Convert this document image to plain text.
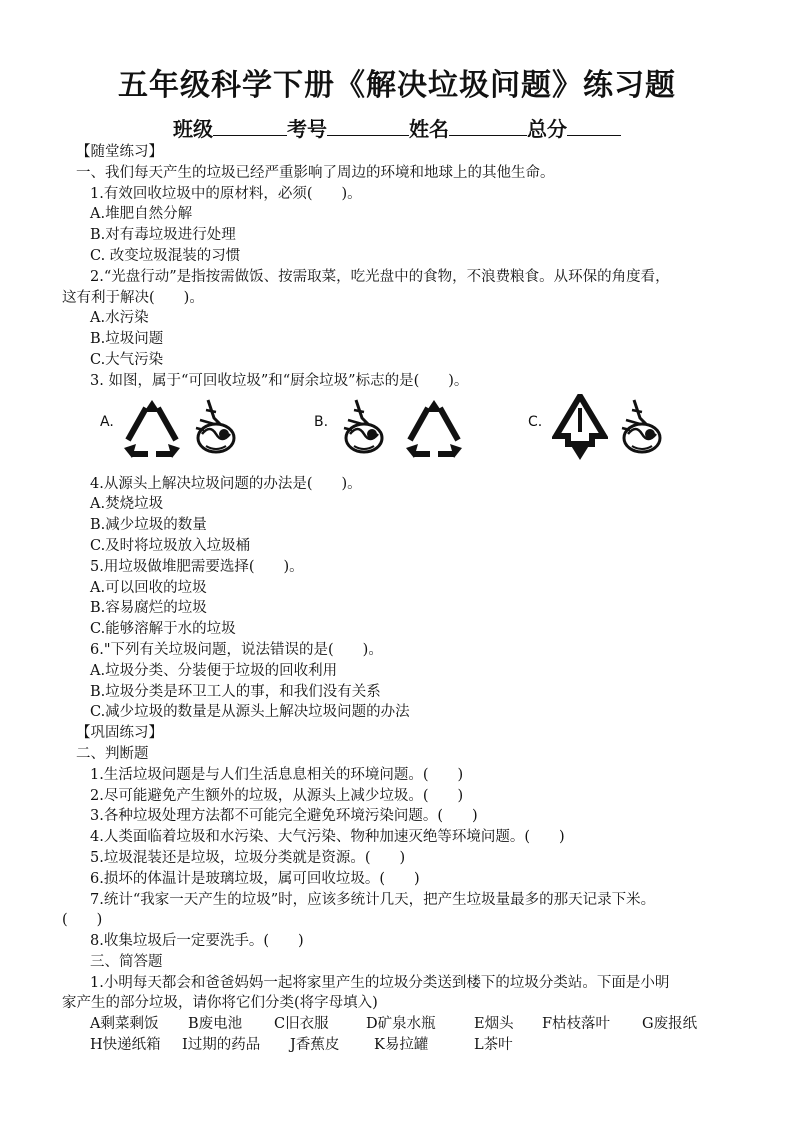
五年级科学下册《解决垃圾问题》练习题
班级	考号	姓名	总分
【随堂练习】
一、我们每天产生的垃圾已经严重影响了周边的环境和地球上的其他生命。
1.有效回收垃圾中的原材料，必须(　　)。
A.堆肥自然分解
B.对有毒垃圾进行处理
C. 改变垃圾混装的习惯
2.“光盘行动”是指按需做饭、按需取菜，吃光盘中的食物，不浪费粮食。从环保的角度看，
这有利于解决(　　)。
A.水污染
B.垃圾问题
C.大气污染
3. 如图，属于“可回收垃圾”和“厨余垃圾”标志的是(　　)。
A.	B.	C.
4.从源头上解决垃圾问题的办法是(　　)。
A.焚烧垃圾
B.减少垃圾的数量
C.及时将垃圾放入垃圾桶
5.用垃圾做堆肥需要选择(　　)。
A.可以回收的垃圾
B.容易腐烂的垃圾
C.能够溶解于水的垃圾
6."下列有关垃圾问题，说法错误的是(　　)。
A.垃圾分类、分装便于垃圾的回收利用
B.垃圾分类是环卫工人的事，和我们没有关系
C.减少垃圾的数量是从源头上解决垃圾问题的办法
【巩固练习】
二、判断题
1.生活垃圾问题是与人们生活息息相关的环境问题。(　　)
2.尽可能避免产生额外的垃圾，从源头上减少垃圾。(　　)
3.各种垃圾处理方法都不可能完全避免环境污染问题。(　　)
4.人类面临着垃圾和水污染、大气污染、物种加速灭绝等环境问题。(　　)
5.垃圾混装还是垃圾，垃圾分类就是资源。(　　)
6.损坏的体温计是玻璃垃圾，属可回收垃圾。(　　)
7.统计“我家一天产生的垃圾”时，应该多统计几天，把产生垃圾量最多的那天记录下米。
(　　)
8.收集垃圾后一定要洗手。(　　)
三、简答题
1.小明每天都会和爸爸妈妈一起将家里产生的垃圾分类送到楼下的垃圾分类站。下面是小明
家产生的部分垃圾，请你将它们分类(将字母填入)
A剩菜剩饭 B废电池 C旧衣服	D矿泉水瓶	E烟头 F枯枝落叶 G废报纸
H快递纸箱 I过期的药品 J香蕉皮 K易拉罐	L茶叶
